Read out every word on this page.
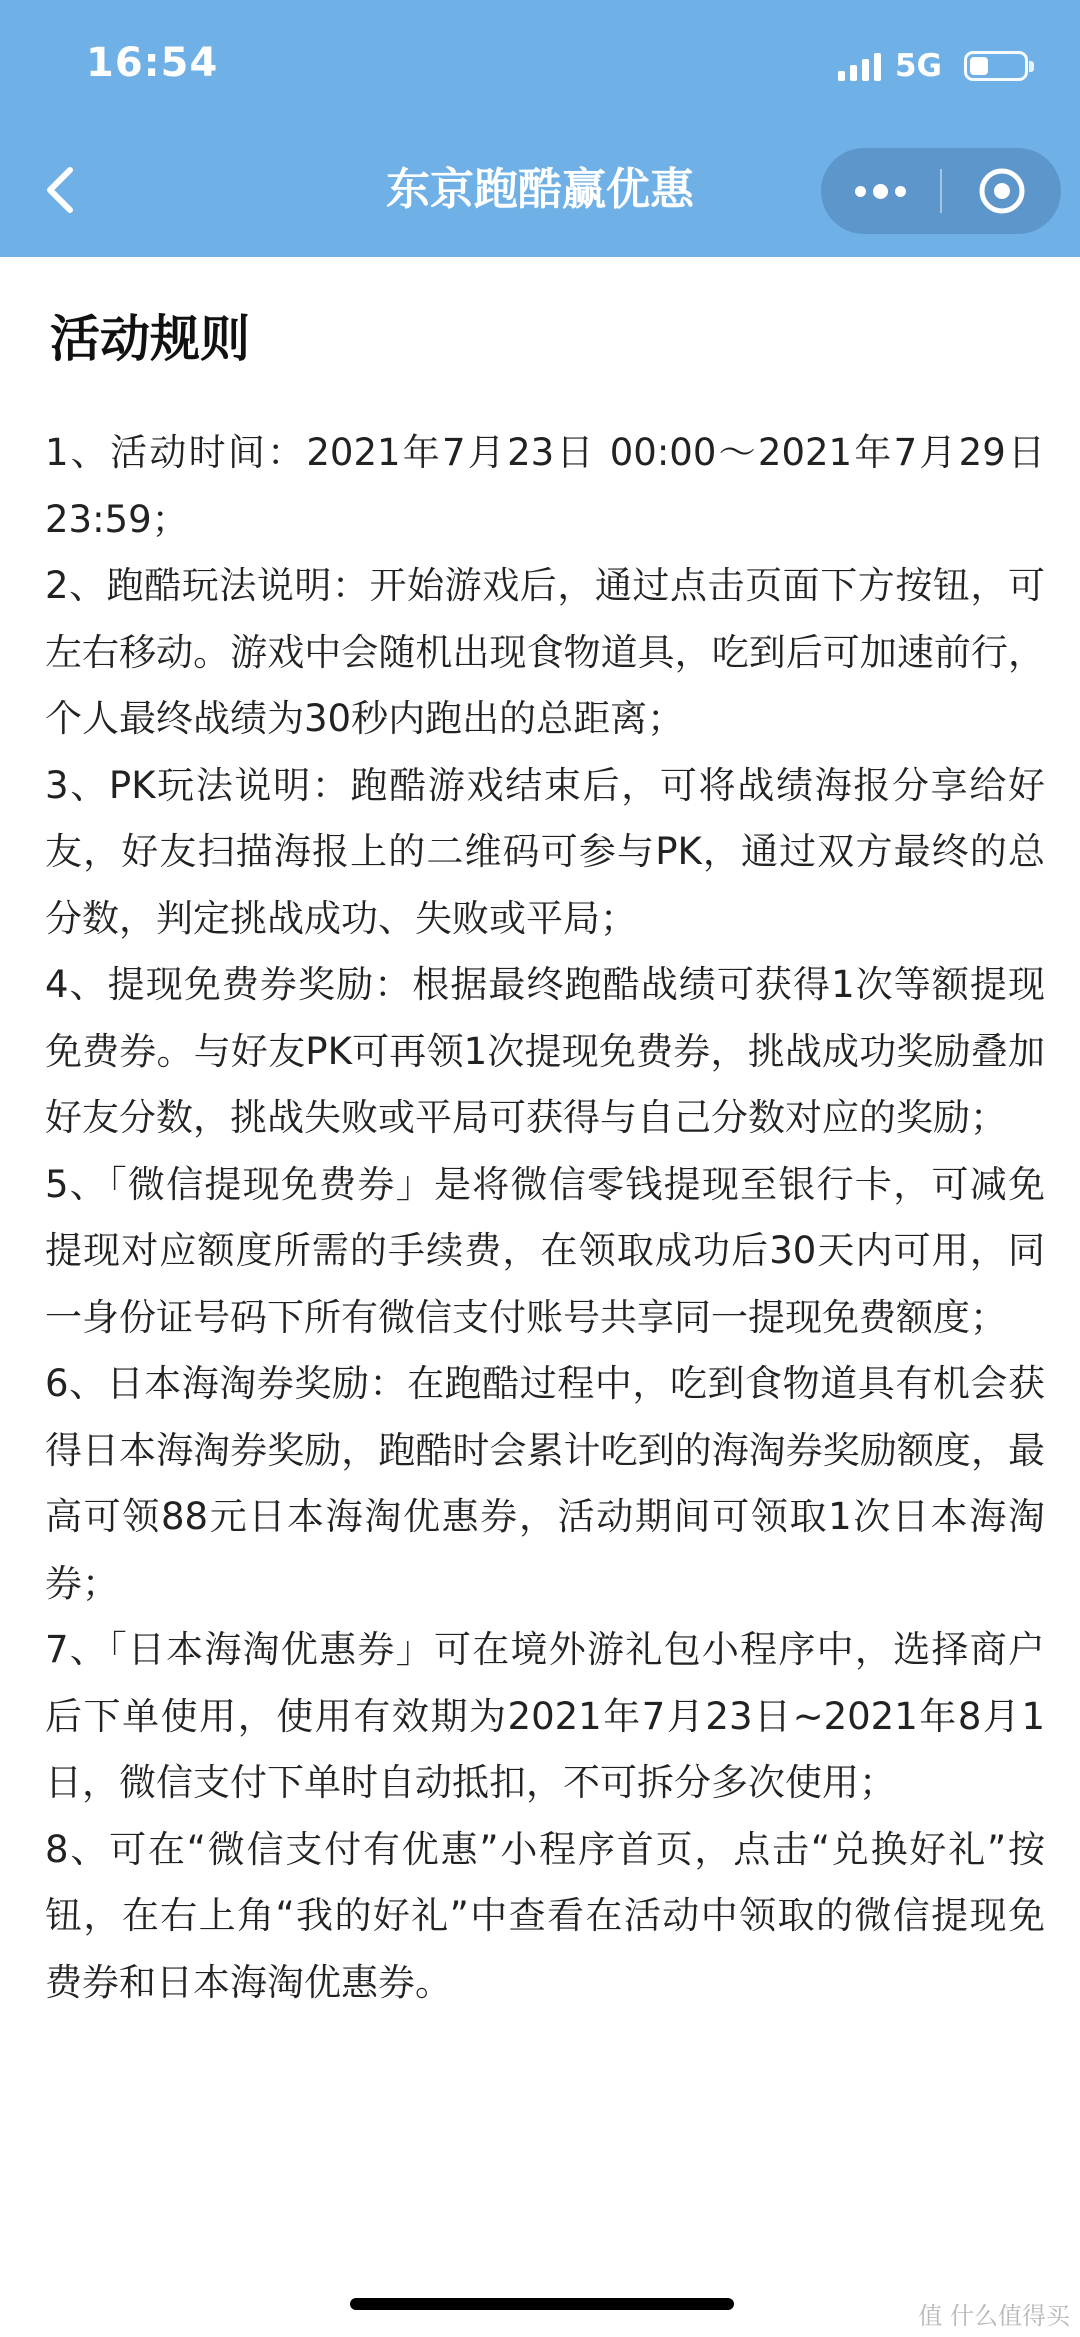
16:54	5G
东京跑酷赢优惠
活动规则

1、活动时间：2021年7月23日 00:00～2021年7月29日 23:59；

2、跑酷玩法说明：开始游戏后，通过点击页面下方按钮，可左右移动。游戏中会随机出现食物道具，吃到后可加速前行，个人最终战绩为30秒内跑出的总距离；

3、PK玩法说明：跑酷游戏结束后，可将战绩海报分享给好友，好友扫描海报上的二维码可参与PK，通过双方最终的总分数，判定挑战成功、失败或平局；

4、提现免费券奖励：根据最终跑酷战绩可获得1次等额提现免费券。与好友PK可再领1次提现免费券，挑战成功奖励叠加好友分数，挑战失败或平局可获得与自己分数对应的奖励；

5、「微信提现免费券」是将微信零钱提现至银行卡，可减免提现对应额度所需的手续费，在领取成功后30天内可用，同一身份证号码下所有微信支付账号共享同一提现免费额度；

6、日本海淘券奖励：在跑酷过程中，吃到食物道具有机会获得日本海淘券奖励，跑酷时会累计吃到的海淘券奖励额度，最高可领88元日本海淘优惠券，活动期间可领取1次日本海淘券；

7、「日本海淘优惠券」可在境外游礼包小程序中，选择商户后下单使用，使用有效期为2021年7月23日~2021年8月1日，微信支付下单时自动抵扣，不可拆分多次使用；

8、可在“微信支付有优惠”小程序首页，点击“兑换好礼”按钮，在右上角“我的好礼”中查看在活动中领取的微信提现免费券和日本海淘优惠券。

值 什么值得买
